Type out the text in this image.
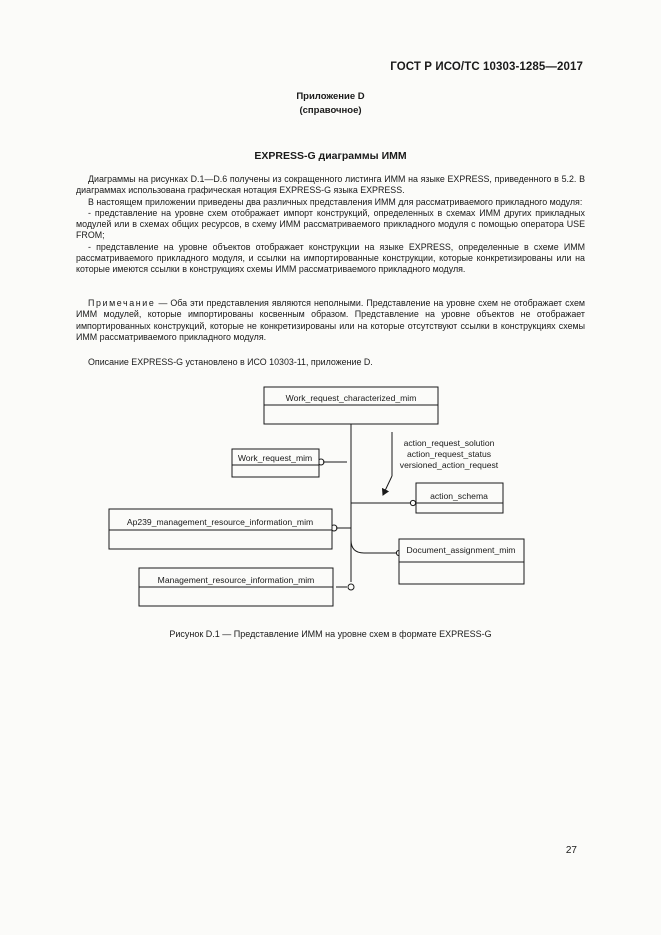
ГОСТ Р ИСО/ТС 10303-1285—2017
Приложение D
(справочное)
EXPRESS-G диаграммы ИММ

Диаграммы на рисунках D.1—D.6 получены из сокращенного листинга ИММ на языке EXPRESS, приведенного в 5.2. В диаграммах использована графическая нотация EXPRESS-G языка EXPRESS.

В настоящем приложении приведены два различных представления ИММ для рассматриваемого прикладного модуля:

- представление на уровне схем отображает импорт конструкций, определенных в схемах ИММ других прикладных модулей или в схемах общих ресурсов, в схему ИММ рассматриваемого прикладного модуля с помощью оператора USE FROM;

- представление на уровне объектов отображает конструкции на языке EXPRESS, определенные в схеме ИММ рассматриваемого прикладного модуля, и ссылки на импортированные конструкции, которые конкретизированы или на которые имеются ссылки в конструкциях схемы ИММ рассматриваемого прикладного модуля.

Примечание — Оба эти представления являются неполными. Представление на уровне схем не отображает схем ИММ модулей, которые импортированы косвенным образом. Представление на уровне объектов не отображает импортированных конструкций, которые не конкретизированы или на которые отсутствуют ссылки в конструкциях схемы ИММ рассматриваемого прикладного модуля.

Описание EXPRESS-G установлено в ИСО 10303-11, приложение D.

Work_request_characterized_mim
Work_request_mim
Ap239_management_resource_information_mim
Management_resource_information_mim
action_schema
Document_assignment_mim
action_request_solution
action_request_status
versioned_action_request
Рисунок D.1 — Представление ИММ на уровне схем в формате EXPRESS-G
27
